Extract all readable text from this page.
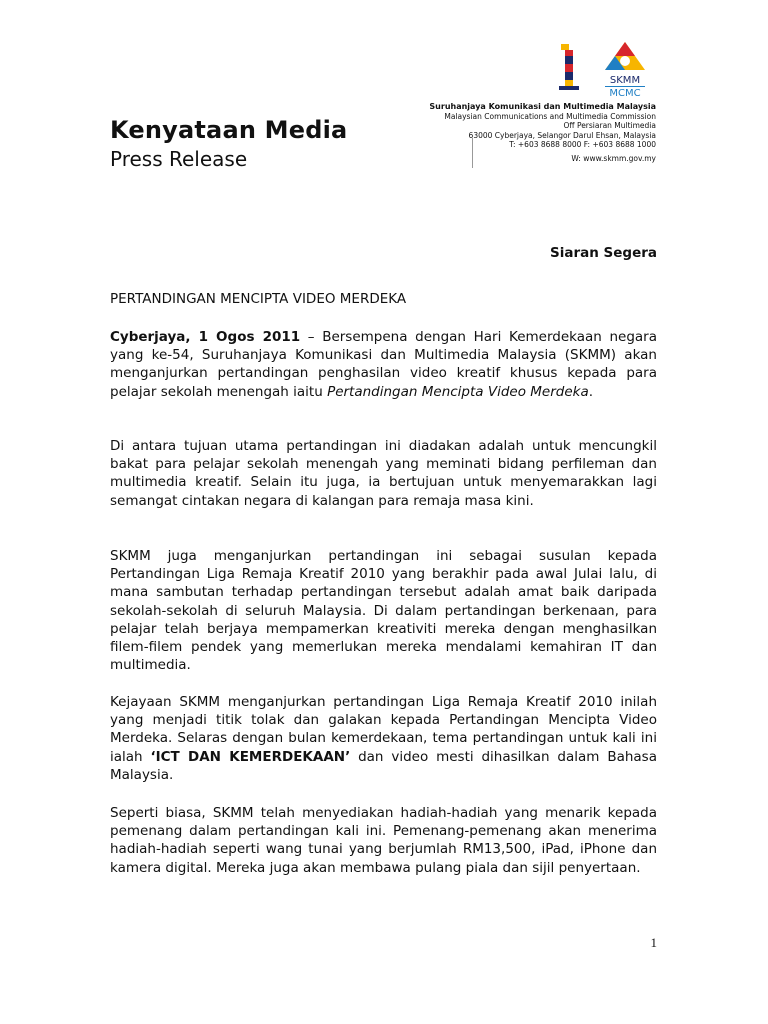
Kenyataan Media
Press Release
SKMM
MCMC
Suruhanjaya Komunikasi dan Multimedia Malaysia
Malaysian Communications and Multimedia Commission
Off Persiaran Multimedia
63000 Cyberjaya, Selangor Darul Ehsan, Malaysia
T: +603 8688 8000 F: +603 8688 1000
W: www.skmm.gov.my
Siaran Segera
PERTANDINGAN MENCIPTA VIDEO MERDEKA

Cyberjaya, 1 Ogos 2011 – Bersempena dengan Hari Kemerdekaan negara yang ke-54, Suruhanjaya Komunikasi dan Multimedia Malaysia (SKMM) akan menganjurkan pertandingan penghasilan video kreatif khusus kepada para pelajar sekolah menengah iaitu Pertandingan Mencipta Video Merdeka.

Di antara tujuan utama pertandingan ini diadakan adalah untuk mencungkil bakat para pelajar sekolah menengah yang meminati bidang perfileman dan multimedia kreatif. Selain itu juga, ia bertujuan untuk menyemarakkan lagi semangat cintakan negara di kalangan para remaja masa kini.

SKMM juga menganjurkan pertandingan ini sebagai susulan kepada Pertandingan Liga Remaja Kreatif 2010 yang berakhir pada awal Julai lalu, di mana sambutan terhadap pertandingan tersebut adalah amat baik daripada sekolah-sekolah di seluruh Malaysia. Di dalam pertandingan berkenaan, para pelajar telah berjaya mempamerkan kreativiti mereka dengan menghasilkan filem-filem pendek yang memerlukan mereka mendalami kemahiran IT dan multimedia.

Kejayaan SKMM menganjurkan pertandingan Liga Remaja Kreatif 2010 inilah yang menjadi titik tolak dan galakan kepada Pertandingan Mencipta Video Merdeka. Selaras dengan bulan kemerdekaan, tema pertandingan untuk kali ini ialah ‘ICT DAN KEMERDEKAAN’ dan video mesti dihasilkan dalam Bahasa Malaysia.

Seperti biasa, SKMM telah menyediakan hadiah-hadiah yang menarik kepada pemenang dalam pertandingan kali ini. Pemenang-pemenang akan menerima hadiah-hadiah seperti wang tunai yang berjumlah RM13,500, iPad, iPhone dan kamera digital. Mereka juga akan membawa pulang piala dan sijil penyertaan.

1
